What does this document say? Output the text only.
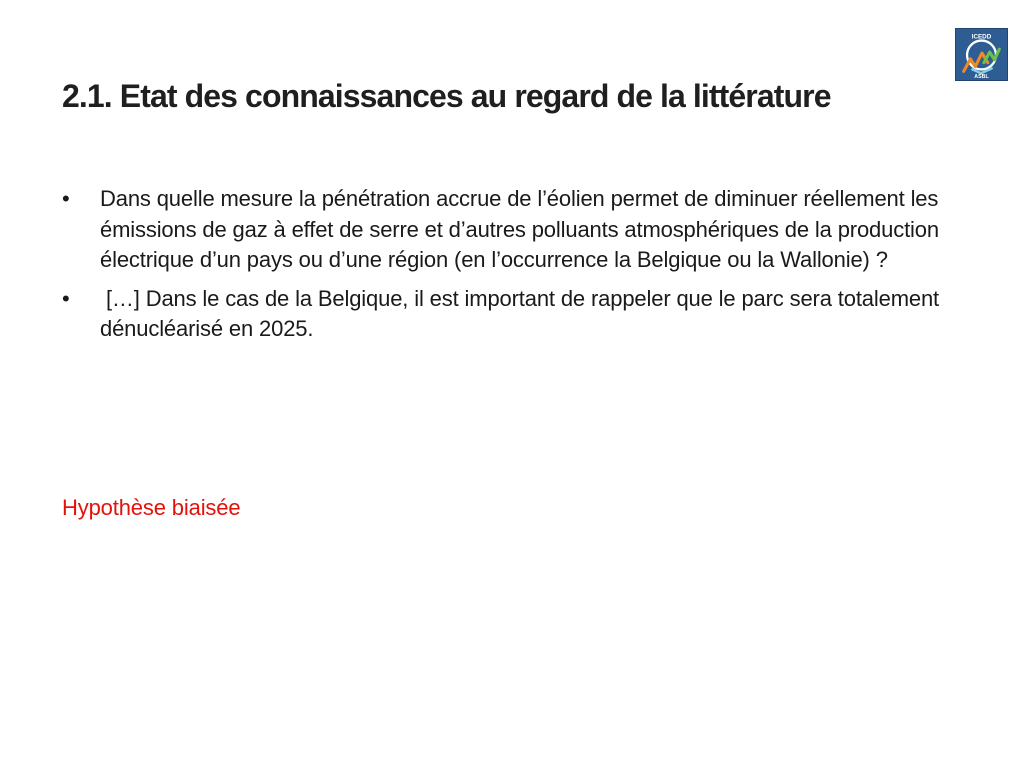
ICEDD
ASBL
2.1. Etat des connaissances au regard de la littérature
•	Dans quelle mesure la pénétration accrue de l’éolien permet de diminuer réellement les émissions de gaz à effet de serre et d’autres polluants atmosphériques de la production électrique d’un pays ou d’une région (en l’occurrence la Belgique ou la Wallonie) ?
•	[…] Dans le cas de la Belgique, il est important de rappeler que le parc sera totalement dénucléarisé en 2025.

Hypothèse biaisée
